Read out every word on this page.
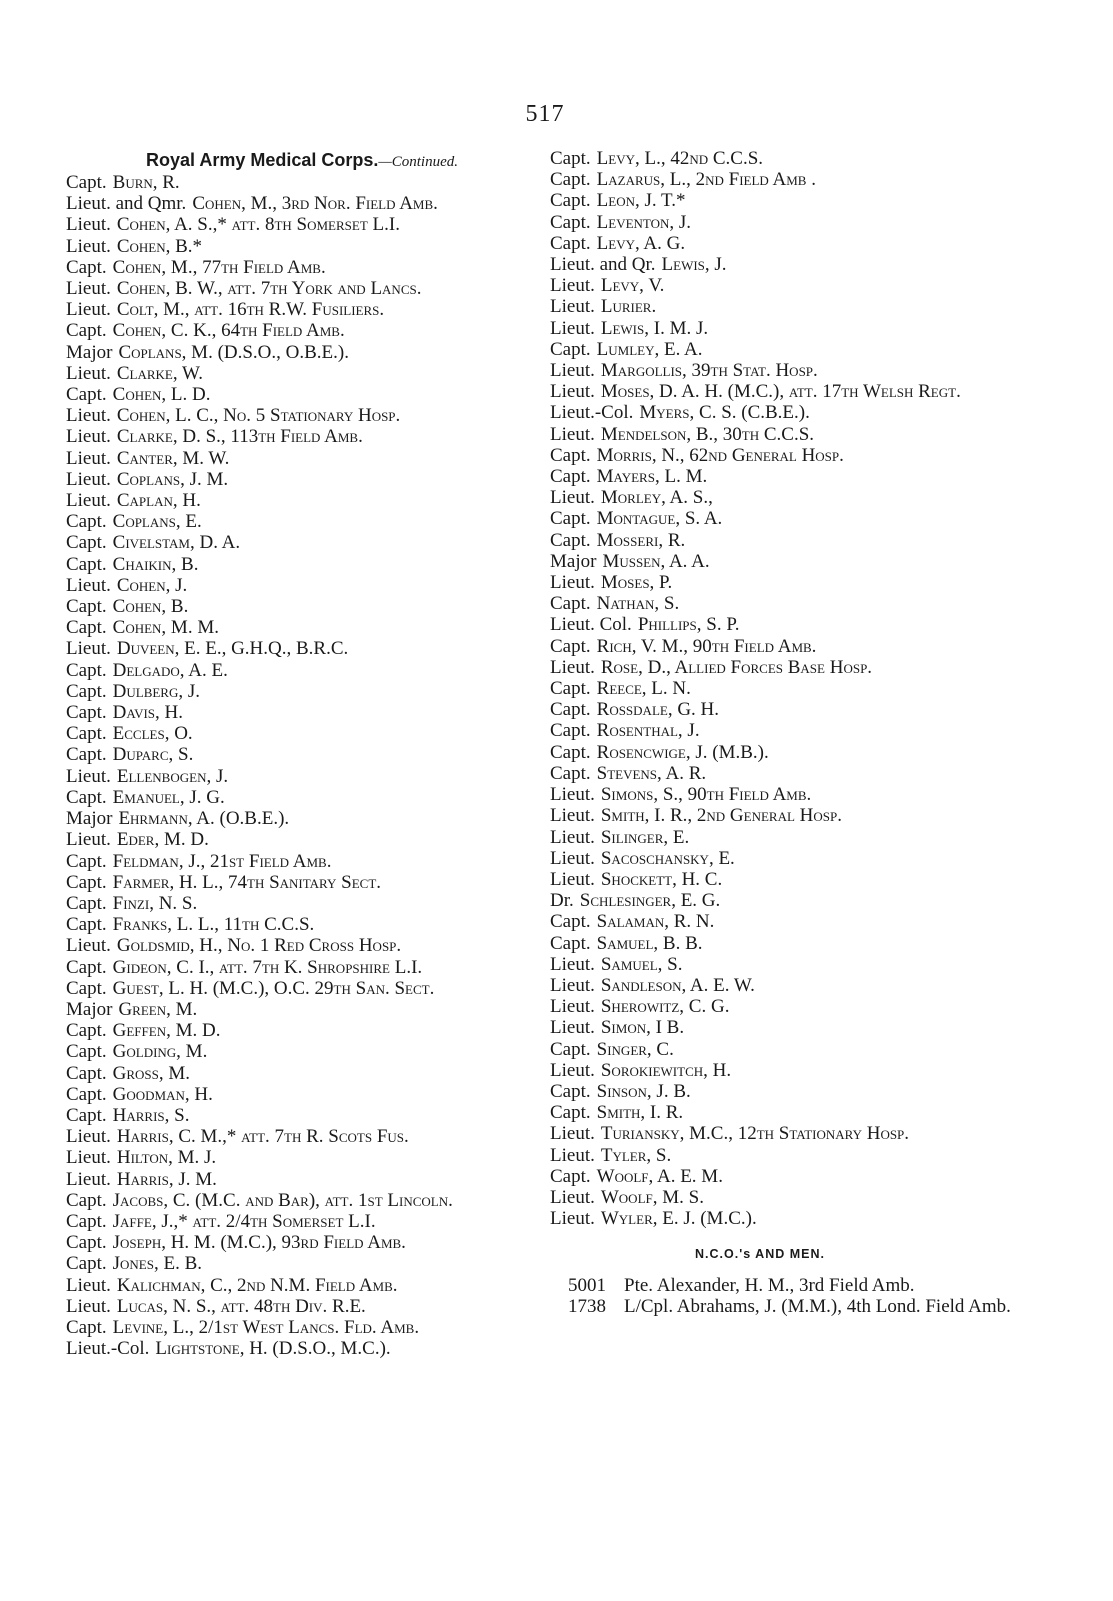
517
Royal Army Medical Corps.—Continued.
Capt. Burn, R.
Lieut. and Qmr. Cohen, M., 3rd Nor. Field Amb.
Lieut. Cohen, A. S.,* att. 8th Somerset L.I.
Lieut. Cohen, B.*
Capt. Cohen, M., 77th Field Amb.
Lieut. Cohen, B. W., att. 7th York and Lancs.
Lieut. Colt, M., att. 16th R.W. Fusiliers.
Capt. Cohen, C. K., 64th Field Amb.
Major Coplans, M. (D.S.O., O.B.E.).
Lieut. Clarke, W.
Capt. Cohen, L. D.
Lieut. Cohen, L. C., No. 5 Stationary Hosp.
Lieut. Clarke, D. S., 113th Field Amb.
Lieut. Canter, M. W.
Lieut. Coplans, J. M.
Lieut. Caplan, H.
Capt. Coplans, E.
Capt. Civelstam, D. A.
Capt. Chaikin, B.
Lieut. Cohen, J.
Capt. Cohen, B.
Capt. Cohen, M. M.
Lieut. Duveen, E. E., G.H.Q., B.R.C.
Capt. Delgado, A. E.
Capt. Dulberg, J.
Capt. Davis, H.
Capt. Eccles, O.
Capt. Duparc, S.
Lieut. Ellenbogen, J.
Capt. Emanuel, J. G.
Major Ehrmann, A. (O.B.E.).
Lieut. Eder, M. D.
Capt. Feldman, J., 21st Field Amb.
Capt. Farmer, H. L., 74th Sanitary Sect.
Capt. Finzi, N. S.
Capt. Franks, L. L., 11th C.C.S.
Lieut. Goldsmid, H., No. 1 Red Cross Hosp.
Capt. Gideon, C. I., att. 7th K. Shropshire L.I.
Capt. Guest, L. H. (M.C.), O.C. 29th San. Sect.
Major Green, M.
Capt. Geffen, M. D.
Capt. Golding, M.
Capt. Gross, M.
Capt. Goodman, H.
Capt. Harris, S.
Lieut. Harris, C. M.,* att. 7th R. Scots Fus.
Lieut. Hilton, M. J.
Lieut. Harris, J. M.
Capt. Jacobs, C. (M.C. and Bar), att. 1st Lincoln.
Capt. Jaffe, J.,* att. 2/4th Somerset L.I.
Capt. Joseph, H. M. (M.C.), 93rd Field Amb.
Capt. Jones, E. B.
Lieut. Kalichman, C., 2nd N.M. Field Amb.
Lieut. Lucas, N. S., att. 48th Div. R.E.
Capt. Levine, L., 2/1st West Lancs. Fld. Amb.
Lieut.-Col. Lightstone, H. (D.S.O., M.C.).
Capt. Levy, L., 42nd C.C.S.
Capt. Lazarus, L., 2nd Field Amb .
Capt. Leon, J. T.*
Capt. Leventon, J.
Capt. Levy, A. G.
Lieut. and Qr. Lewis, J.
Lieut. Levy, V.
Lieut. Lurier.
Lieut. Lewis, I. M. J.
Capt. Lumley, E. A.
Lieut. Margollis, 39th Stat. Hosp.
Lieut. Moses, D. A. H. (M.C.), att. 17th Welsh Regt.
Lieut.-Col. Myers, C. S. (C.B.E.).
Lieut. Mendelson, B., 30th C.C.S.
Capt. Morris, N., 62nd General Hosp.
Capt. Mayers, L. M.
Lieut. Morley, A. S.,
Capt. Montague, S. A.
Capt. Mosseri, R.
Major Mussen, A. A.
Lieut. Moses, P.
Capt. Nathan, S.
Lieut. Col. Phillips, S. P.
Capt. Rich, V. M., 90th Field Amb.
Lieut. Rose, D., Allied Forces Base Hosp.
Capt. Reece, L. N.
Capt. Rossdale, G. H.
Capt. Rosenthal, J.
Capt. Rosencwige, J. (M.B.).
Capt. Stevens, A. R.
Lieut. Simons, S., 90th Field Amb.
Lieut. Smith, I. R., 2nd General Hosp.
Lieut. Silinger, E.
Lieut. Sacoschansky, E.
Lieut. Shockett, H. C.
Dr. Schlesinger, E. G.
Capt. Salaman, R. N.
Capt. Samuel, B. B.
Lieut. Samuel, S.
Lieut. Sandleson, A. E. W.
Lieut. Sherowitz, C. G.
Lieut. Simon, I B.
Capt. Singer, C.
Lieut. Sorokiewitch, H.
Capt. Sinson, J. B.
Capt. Smith, I. R.
Lieut. Turiansky, M.C., 12th Stationary Hosp.
Lieut. Tyler, S.
Capt. Woolf, A. E. M.
Lieut. Woolf, M. S.
Lieut. Wyler, E. J. (M.C.).
N.C.O.'s AND MEN.
5001 Pte. Alexander, H. M., 3rd Field Amb.
1738 L/Cpl. Abrahams, J. (M.M.), 4th Lond. Field Amb.
